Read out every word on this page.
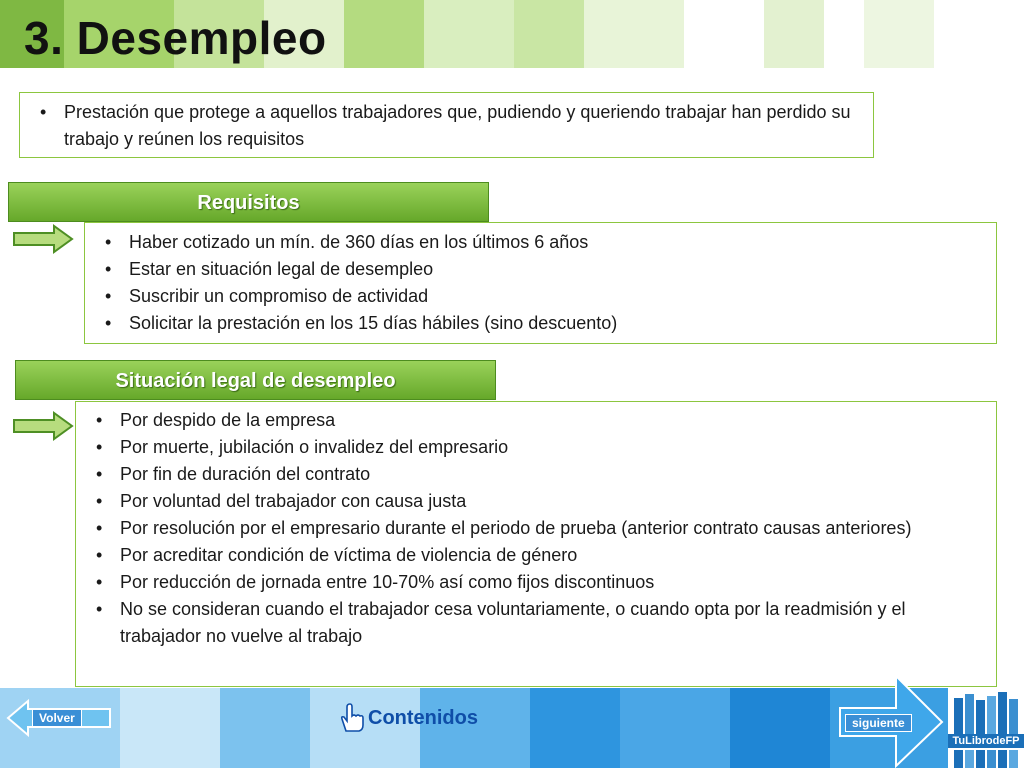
3. Desempleo
• Prestación que protege a aquellos trabajadores que, pudiendo y queriendo trabajar han perdido su trabajo y reúnen los requisitos
Requisitos
• Haber cotizado un mín. de 360 días en los últimos 6 años
• Estar en situación legal de desempleo
• Suscribir un compromiso de actividad
• Solicitar la prestación en los 15 días hábiles (sino descuento)
Situación legal de desempleo
• Por despido de la empresa
• Por muerte, jubilación o invalidez del empresario
• Por fin de duración del contrato
• Por voluntad del trabajador con causa justa
• Por resolución por el empresario durante el periodo de prueba (anterior contrato causas anteriores)
• Por acreditar condición de víctima de violencia de género
• Por reducción de jornada entre 10-70% así como fijos discontinuos
• No se consideran cuando el trabajador cesa voluntariamente, o cuando opta por la readmisión y el trabajador no vuelve al trabajo
Volver	Contenidos	siguiente
TuLibrodeFP
